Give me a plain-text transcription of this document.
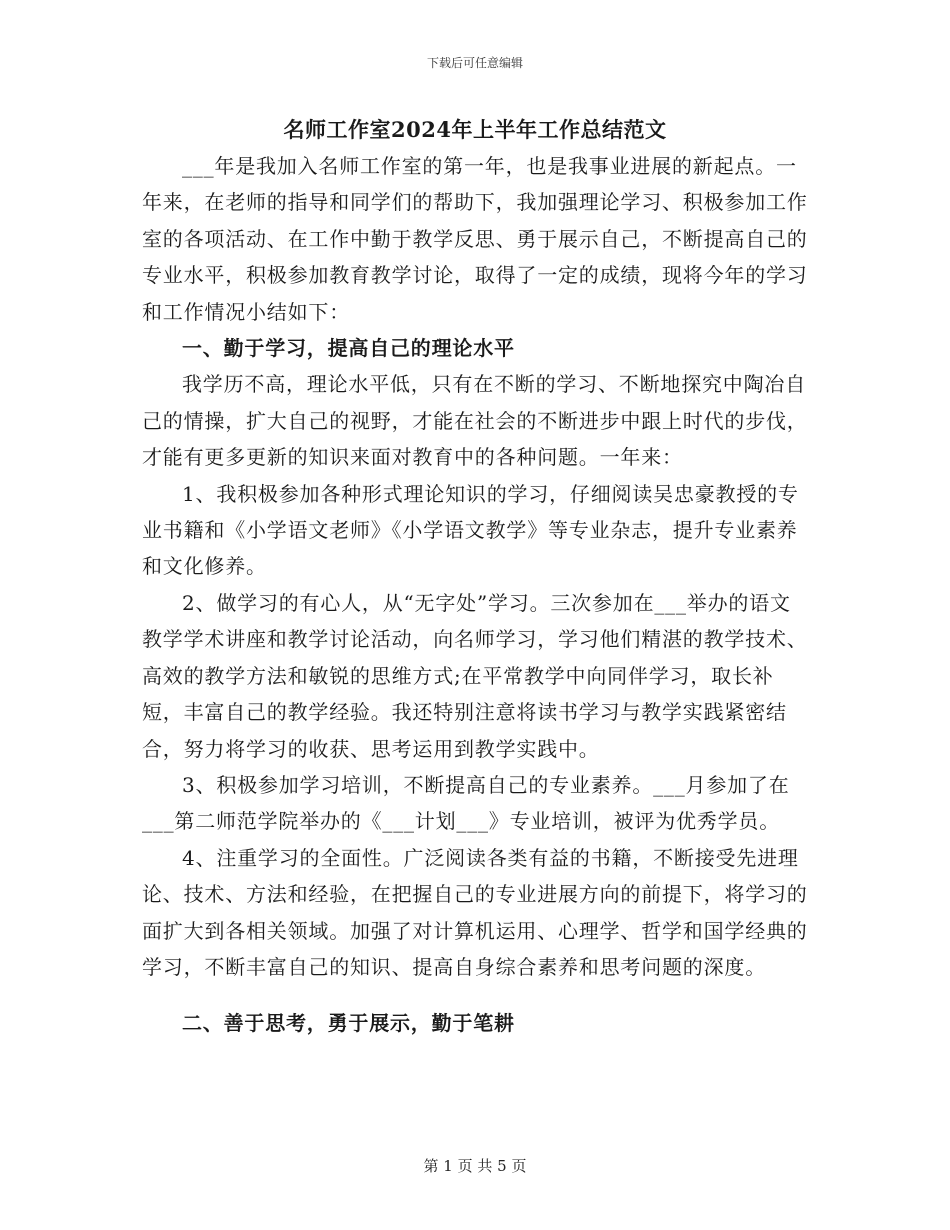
下载后可任意编辑
名师工作室2024年上半年工作总结范文

___年是我加入名师工作室的第一年，也是我事业进展的新起点。一年来，在老师的指导和同学们的帮助下，我加强理论学习、积极参加工作室的各项活动、在工作中勤于教学反思、勇于展示自己，不断提高自己的专业水平，积极参加教育教学讨论，取得了一定的成绩，现将今年的学习和工作情况小结如下：

一、勤于学习，提高自己的理论水平

我学历不高，理论水平低，只有在不断的学习、不断地探究中陶冶自己的情操，扩大自己的视野，才能在社会的不断进步中跟上时代的步伐，才能有更多更新的知识来面对教育中的各种问题。一年来：

1、我积极参加各种形式理论知识的学习，仔细阅读吴忠豪教授的专业书籍和《小学语文老师》《小学语文教学》等专业杂志，提升专业素养和文化修养。

2、做学习的有心人，从“无字处”学习。三次参加在___举办的语文教学学术讲座和教学讨论活动，向名师学习，学习他们精湛的教学技术、高效的教学方法和敏锐的思维方式;在平常教学中向同伴学习，取长补短，丰富自己的教学经验。我还特别注意将读书学习与教学实践紧密结合，努力将学习的收获、思考运用到教学实践中。

3、积极参加学习培训，不断提高自己的专业素养。___月参加了在___第二师范学院举办的《___计划___》专业培训，被评为优秀学员。

4、注重学习的全面性。广泛阅读各类有益的书籍，不断接受先进理论、技术、方法和经验，在把握自己的专业进展方向的前提下，将学习的面扩大到各相关领域。加强了对计算机运用、心理学、哲学和国学经典的学习，不断丰富自己的知识、提高自身综合素养和思考问题的深度。

二、善于思考，勇于展示，勤于笔耕

第 1 页 共 5 页
